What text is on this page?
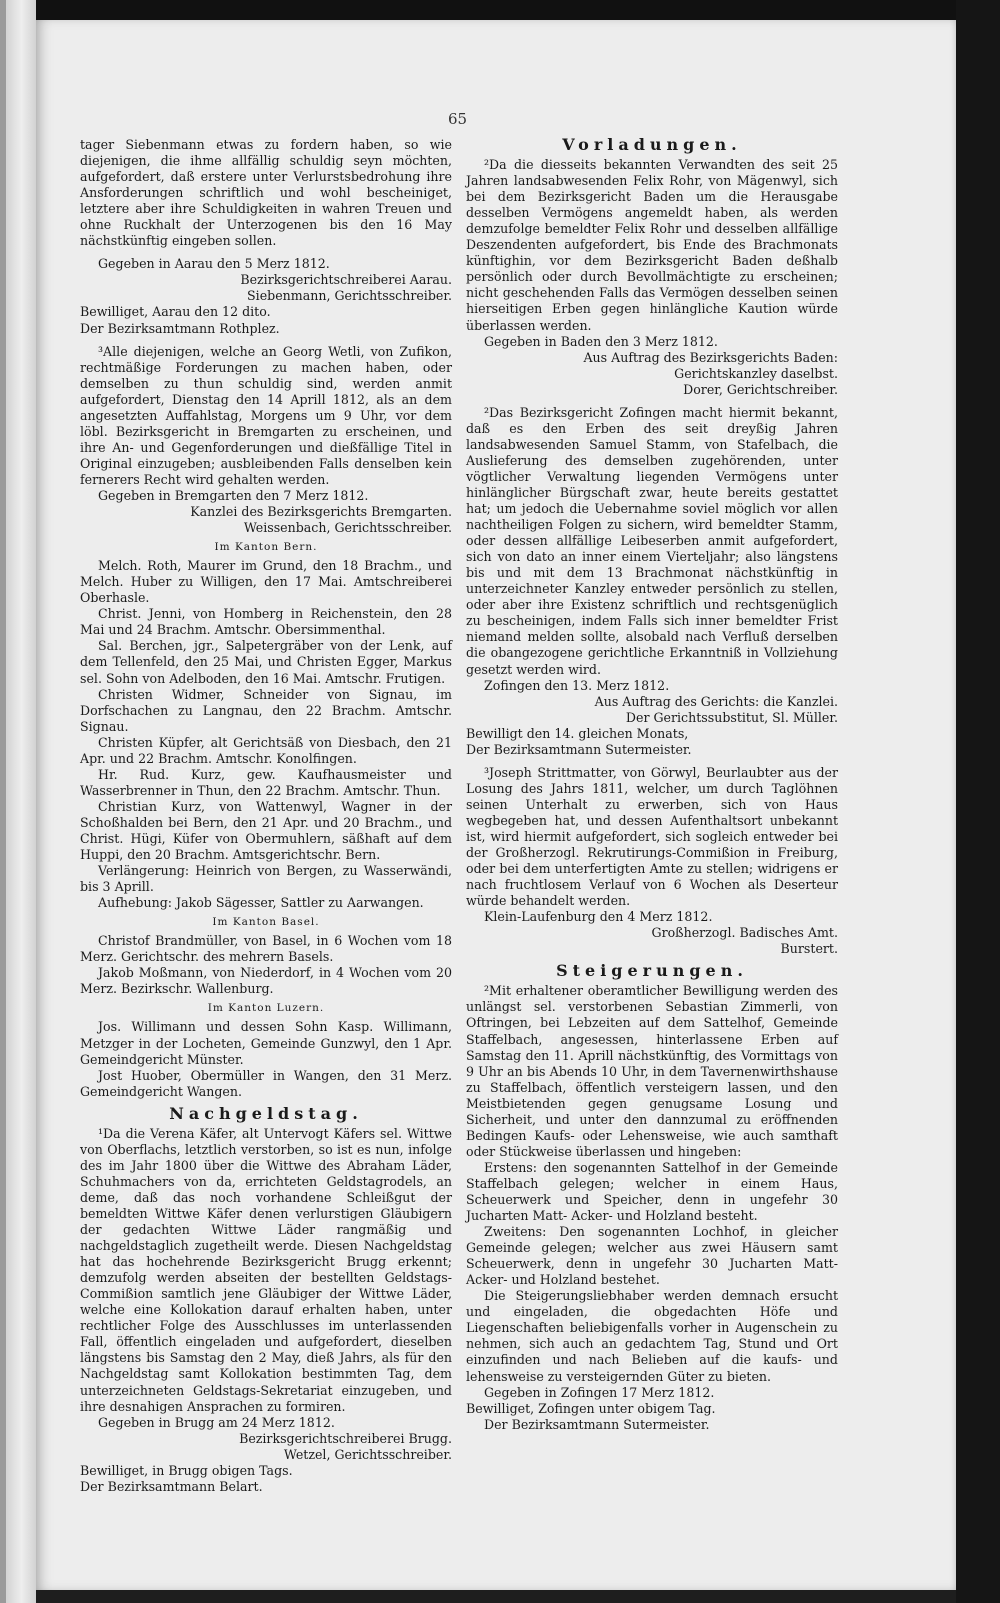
65

tager Siebenmann etwas zu fordern haben, so wie diejenigen, die ihme allfällig schuldig seyn möchten, aufgefordert, daß erstere unter Verlurstsbedrohung ihre Ansforderungen schriftlich und wohl bescheiniget, letztere aber ihre Schuldigkeiten in wahren Treuen und ohne Ruckhalt der Unterzogenen bis den 16 May nächstkünftig eingeben sollen.

Gegeben in Aarau den 5 Merz 1812.

Bezirksgerichtschreiberei Aarau.
Siebenmann, Gerichtsschreiber.
Bewilliget, Aarau den 12 dito.
Der Bezirksamtmann Rothplez.

³Alle diejenigen, welche an Georg Wetli, von Zufikon, rechtmäßige Forderungen zu machen haben, oder demselben zu thun schuldig sind, werden anmit aufgefordert, Dienstag den 14 Aprill 1812, als an dem angesetzten Auffahlstag, Morgens um 9 Uhr, vor dem löbl. Bezirksgericht in Bremgarten zu erscheinen, und ihre An- und Gegenforderungen und dießfällige Titel in Original einzugeben; ausbleibenden Falls denselben kein fernerers Recht wird gehalten werden.

Gegeben in Bremgarten den 7 Merz 1812.

Kanzlei des Bezirksgerichts Bremgarten.
Weissenbach, Gerichtsschreiber.
Im Kanton Bern.

Melch. Roth, Maurer im Grund, den 18 Brachm., und Melch. Huber zu Willigen, den 17 Mai. Amtschreiberei Oberhasle.

Christ. Jenni, von Homberg in Reichenstein, den 28 Mai und 24 Brachm. Amtschr. Obersimmenthal.

Sal. Berchen, jgr., Salpetergräber von der Lenk, auf dem Tellenfeld, den 25 Mai, und Christen Egger, Markus sel. Sohn von Adelboden, den 16 Mai. Amtschr. Frutigen.

Christen Widmer, Schneider von Signau, im Dorfschachen zu Langnau, den 22 Brachm. Amtschr. Signau.

Christen Küpfer, alt Gerichtsäß von Diesbach, den 21 Apr. und 22 Brachm. Amtschr. Konolfingen.

Hr. Rud. Kurz, gew. Kaufhausmeister und Wasserbrenner in Thun, den 22 Brachm. Amtschr. Thun.

Christian Kurz, von Wattenwyl, Wagner in der Schoßhalden bei Bern, den 21 Apr. und 20 Brachm., und Christ. Hügi, Küfer von Obermuhlern, säßhaft auf dem Huppi, den 20 Brachm. Amtsgerichtschr. Bern.

Verlängerung: Heinrich von Bergen, zu Wasserwändi, bis 3 Aprill.

Aufhebung: Jakob Sägesser, Sattler zu Aarwangen.

Im Kanton Basel.

Christof Brandmüller, von Basel, in 6 Wochen vom 18 Merz. Gerichtschr. des mehrern Basels.

Jakob Moßmann, von Niederdorf, in 4 Wochen vom 20 Merz. Bezirkschr. Wallenburg.

Im Kanton Luzern.

Jos. Willimann und dessen Sohn Kasp. Willimann, Metzger in der Locheten, Gemeinde Gunzwyl, den 1 Apr. Gemeindgericht Münster.

Jost Huober, Obermüller in Wangen, den 31 Merz. Gemeindgericht Wangen.

Nachgeldstag.

¹Da die Verena Käfer, alt Untervogt Käfers sel. Wittwe von Oberflachs, letztlich verstorben, so ist es nun, infolge des im Jahr 1800 über die Wittwe des Abraham Läder, Schuhmachers von da, errichteten Geldstagrodels, an deme, daß das noch vorhandene Schleißgut der bemeldten Wittwe Käfer denen verlurstigen Gläubigern der gedachten Wittwe Läder rangmäßig und nachgeldstaglich zugetheilt werde. Diesen Nachgeldstag hat das hochehrende Bezirksgericht Brugg erkennt; demzufolg werden abseiten der bestellten Geldstags-Commißion samtlich jene Gläubiger der Wittwe Läder, welche eine Kollokation darauf erhalten haben, unter rechtlicher Folge des Ausschlusses im unterlassenden Fall, öffentlich eingeladen und aufgefordert, dieselben längstens bis Samstag den 2 May, dieß Jahrs, als für den Nachgeldstag samt Kollokation bestimmten Tag, dem unterzeichneten Geldstags-Sekretariat einzugeben, und ihre desnahigen Ansprachen zu formiren.

Gegeben in Brugg am 24 Merz 1812.

Bezirksgerichtschreiberei Brugg.
Wetzel, Gerichtsschreiber.
Bewilliget, in Brugg obigen Tags.
Der Bezirksamtmann Belart.
Vorladungen.

²Da die diesseits bekannten Verwandten des seit 25 Jahren landsabwesenden Felix Rohr, von Mägenwyl, sich bei dem Bezirksgericht Baden um die Herausgabe desselben Vermögens angemeldt haben, als werden demzufolge bemeldter Felix Rohr und desselben allfällige Deszendenten aufgefordert, bis Ende des Brachmonats künftighin, vor dem Bezirksgericht Baden deßhalb persönlich oder durch Bevollmächtigte zu erscheinen; nicht geschehenden Falls das Vermögen desselben seinen hierseitigen Erben gegen hinlängliche Kaution würde überlassen werden.

Gegeben in Baden den 3 Merz 1812.

Aus Auftrag des Bezirksgerichts Baden:
Gerichtskanzley daselbst.
Dorer, Gerichtschreiber.

²Das Bezirksgericht Zofingen macht hiermit bekannt, daß es den Erben des seit dreyßig Jahren landsabwesenden Samuel Stamm, von Stafelbach, die Auslieferung des demselben zugehörenden, unter vögtlicher Verwaltung liegenden Vermögens unter hinlänglicher Bürgschaft zwar, heute bereits gestattet hat; um jedoch die Uebernahme soviel möglich vor allen nachtheiligen Folgen zu sichern, wird bemeldter Stamm, oder dessen allfällige Leibeserben anmit aufgefordert, sich von dato an inner einem Vierteljahr; also längstens bis und mit dem 13 Brachmonat nächstkünftig in unterzeichneter Kanzley entweder persönlich zu stellen, oder aber ihre Existenz schriftlich und rechtsgenüglich zu bescheinigen, indem Falls sich inner bemeldter Frist niemand melden sollte, alsobald nach Verfluß derselben die obangezogene gerichtliche Erkanntniß in Vollziehung gesetzt werden wird.

Zofingen den 13. Merz 1812.

Aus Auftrag des Gerichts: die Kanzlei.
Der Gerichtssubstitut, Sl. Müller.
Bewilligt den 14. gleichen Monats,
Der Bezirksamtmann Sutermeister.

³Joseph Strittmatter, von Görwyl, Beurlaubter aus der Losung des Jahrs 1811, welcher, um durch Taglöhnen seinen Unterhalt zu erwerben, sich von Haus wegbegeben hat, und dessen Aufenthaltsort unbekannt ist, wird hiermit aufgefordert, sich sogleich entweder bei der Großherzogl. Rekrutirungs-Commißion in Freiburg, oder bei dem unterfertigten Amte zu stellen; widrigens er nach fruchtlosem Verlauf von 6 Wochen als Deserteur würde behandelt werden.

Klein-Laufenburg den 4 Merz 1812.

Großherzogl. Badisches Amt.
Burstert.
Steigerungen.

²Mit erhaltener oberamtlicher Bewilligung werden des unlängst sel. verstorbenen Sebastian Zimmerli, von Oftringen, bei Lebzeiten auf dem Sattelhof, Gemeinde Staffelbach, angesessen, hinterlassene Erben auf Samstag den 11. Aprill nächstkünftig, des Vormittags von 9 Uhr an bis Abends 10 Uhr, in dem Tavernenwirthshause zu Staffelbach, öffentlich versteigern lassen, und den Meistbietenden gegen genugsame Losung und Sicherheit, und unter den dannzumal zu eröffnenden Bedingen Kaufs- oder Lehensweise, wie auch samthaft oder Stückweise überlassen und hingeben:

Erstens: den sogenannten Sattelhof in der Gemeinde Staffelbach gelegen; welcher in einem Haus, Scheuerwerk und Speicher, denn in ungefehr 30 Jucharten Matt- Acker- und Holzland besteht.

Zweitens: Den sogenannten Lochhof, in gleicher Gemeinde gelegen; welcher aus zwei Häusern samt Scheuerwerk, denn in ungefehr 30 Jucharten Matt- Acker- und Holzland bestehet.

Die Steigerungsliebhaber werden demnach ersucht und eingeladen, die obgedachten Höfe und Liegenschaften beliebigenfalls vorher in Augenschein zu nehmen, sich auch an gedachtem Tag, Stund und Ort einzufinden und nach Belieben auf die kaufs- und lehensweise zu versteigernden Güter zu bieten.

Gegeben in Zofingen 17 Merz 1812.

Bewilliget, Zofingen unter obigem Tag.
Der Bezirksamtmann Sutermeister.
